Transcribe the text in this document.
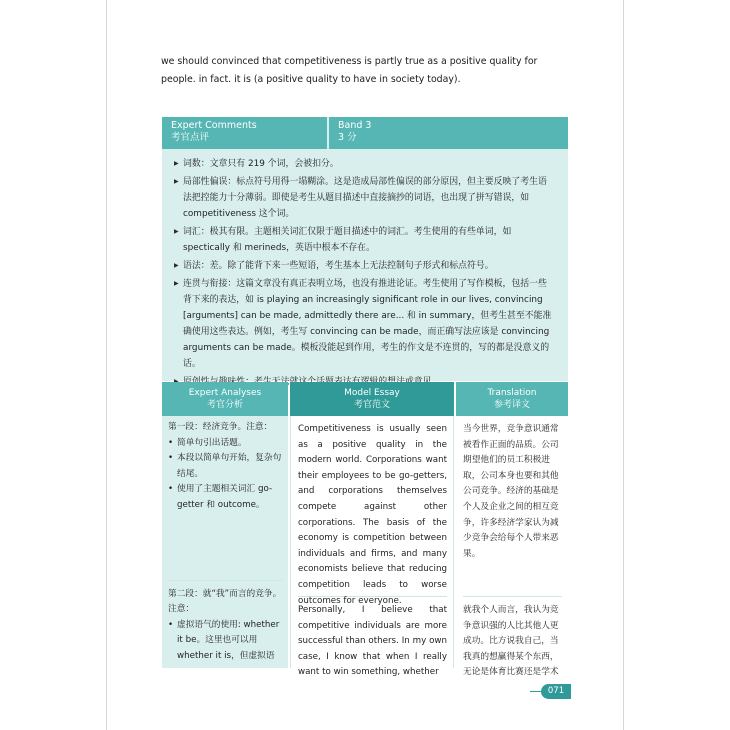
we should convinced that competitiveness is partly true as a positive quality for people. in fact. it is (a positive quality to have in society today).

Expert Comments
考官点评
Band 3
3 分
▶ 词数：文章只有 219 个词，会被扣分。
▶ 局部性偏误：标点符号用得一塌糊涂。这是造成局部性偏误的部分原因，但主要反映了考生语法把控能力十分薄弱。即使是考生从题目描述中直接摘抄的词语，也出现了拼写错误，如 competitiveness 这个词。
▶ 词汇：极其有限。主题相关词汇仅限于题目描述中的词汇。考生使用的有些单词，如 spectically 和 merineds，英语中根本不存在。
▶ 语法：差。除了能背下来一些短语，考生基本上无法控制句子形式和标点符号。
▶ 连贯与衔接：这篇文章没有真正表明立场，也没有推进论证。考生使用了写作模板，包括一些背下来的表达，如 is playing an increasingly significant role in our lives, convincing [arguments] can be made, admittedly there are... 和 in summary，但考生甚至不能准确使用这些表达。例如，考生写 convincing can be made，而正确写法应该是 convincing arguments can be made。模板没能起到作用，考生的作文是不连贯的，写的都是没意义的话。
Expert Analyses
考官分析
Model Essay
考官范文
Translation
参考译文
第一段：经济竞争。注意：
• 简单句引出话题。
• 本段以简单句开始，复杂句结尾。
• 使用了主题相关词汇 go-getter 和 outcome。
第二段：就“我”而言的竞争。注意：
• 虚拟语气的使用: whether it be。这里也可以用 whether it is，但虚拟语
Competitiveness is usually seen as a positive quality in the modern world. Corporations want their employees to be go-getters, and corporations themselves compete against other corporations. The basis of the economy is competition between individuals and firms, and many economists believe that reducing competition leads to worse outcomes for everyone.
Personally, I believe that competitive individuals are more successful than others. In my own case, I know that when I really want to win something, whether
当今世界，竞争意识通常被看作正面的品质。公司期望他们的员工积极进取，公司本身也要和其他公司竞争。经济的基础是个人及企业之间的相互竞争，许多经济学家认为减少竞争会给每个人带来恶果。
就我个人而言，我认为竞争意识强的人比其他人更成功。比方说我自己，当我真的想赢得某个东西，无论是体育比赛还是学术
071
